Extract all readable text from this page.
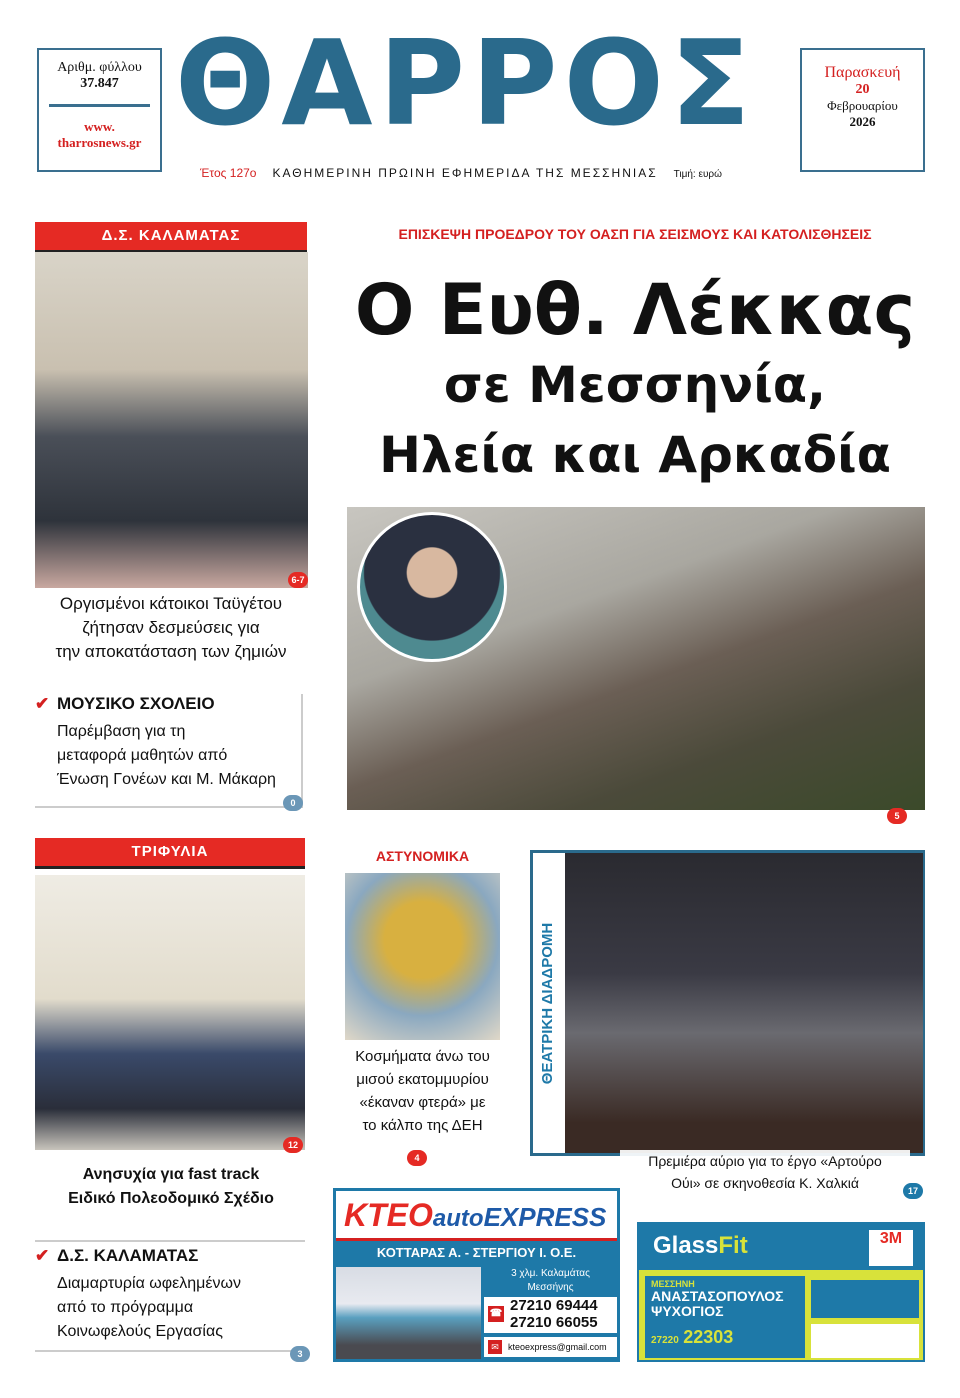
Αριθμ. φύλλου
37.847
www.
tharrosnews.gr ΘΑΡΡΟΣ
Έτος 127ο ΚΑΘΗΜΕΡΙΝΗ ΠΡΩΙΝΗ ΕΦΗΜΕΡΙΔΑ ΤΗΣ ΜΕΣΣΗΝΙΑΣ Τιμή: ευρώ
Παρασκευή
20
Φεβρουαρίου
2026
Δ.Σ. ΚΑΛΑΜΑΤΑΣ
6-7
Οργισμένοι κάτοικοι Ταϋγέτου
ζήτησαν δεσμεύσεις για
την αποκατάσταση των ζημιών
✔ ΜΟΥΣΙΚΟ ΣΧΟΛΕΙΟ

Παρέμβαση για τη

μεταφορά μαθητών από

Ένωση Γονέων και Μ. Μάκαρη

0
ΕΠΙΣΚΕΨΗ ΠΡΟΕΔΡΟΥ ΤΟΥ ΟΑΣΠ ΓΙΑ ΣΕΙΣΜΟΥΣ ΚΑΙ ΚΑΤΟΛΙΣΘΗΣΕΙΣ
Ο Ευθ. Λέκκας
σε Μεσσηνία,
Ηλεία και Αρκαδία
5
ΤΡΙΦΥΛΙΑ
12
Ανησυχία για fast track
Ειδικό Πολεοδομικό Σχέδιο
✔ Δ.Σ. ΚΑΛΑΜΑΤΑΣ

Διαμαρτυρία ωφελημένων

από το πρόγραμμα

Κοινωφελούς Εργασίας

3
ΑΣΤΥΝΟΜΙΚΑ
Κοσμήματα άνω του
μισού εκατομμυρίου
«έκαναν φτερά» με
το κάλπο της ΔΕΗ
4
ΘΕΑΤΡΙΚΗ ΔΙΑΔΡΟΜΗ
Πρεμιέρα αύριο για το έργο «Αρτούρο
Ούι» σε σκηνοθεσία Κ. Χαλκιά	17
KTEOautoEXPRESS
ΚΟΤΤΑΡΑΣ Α. - ΣΤΕΡΓΙΟΥ Ι. Ο.Ε.
3 χλμ. Καλαμάτας
Μεσσήνης
☎ 27210 69444
27210 66055
✉	ktеoexpress@gmail.com
GlassFit	3M
ΜΕΣΣΗΝΗ
ΑΝΑΣΤΑΣΟΠΟΥΛΟΣ
ΨΥΧΟΓΙΟΣ
27220 22303
